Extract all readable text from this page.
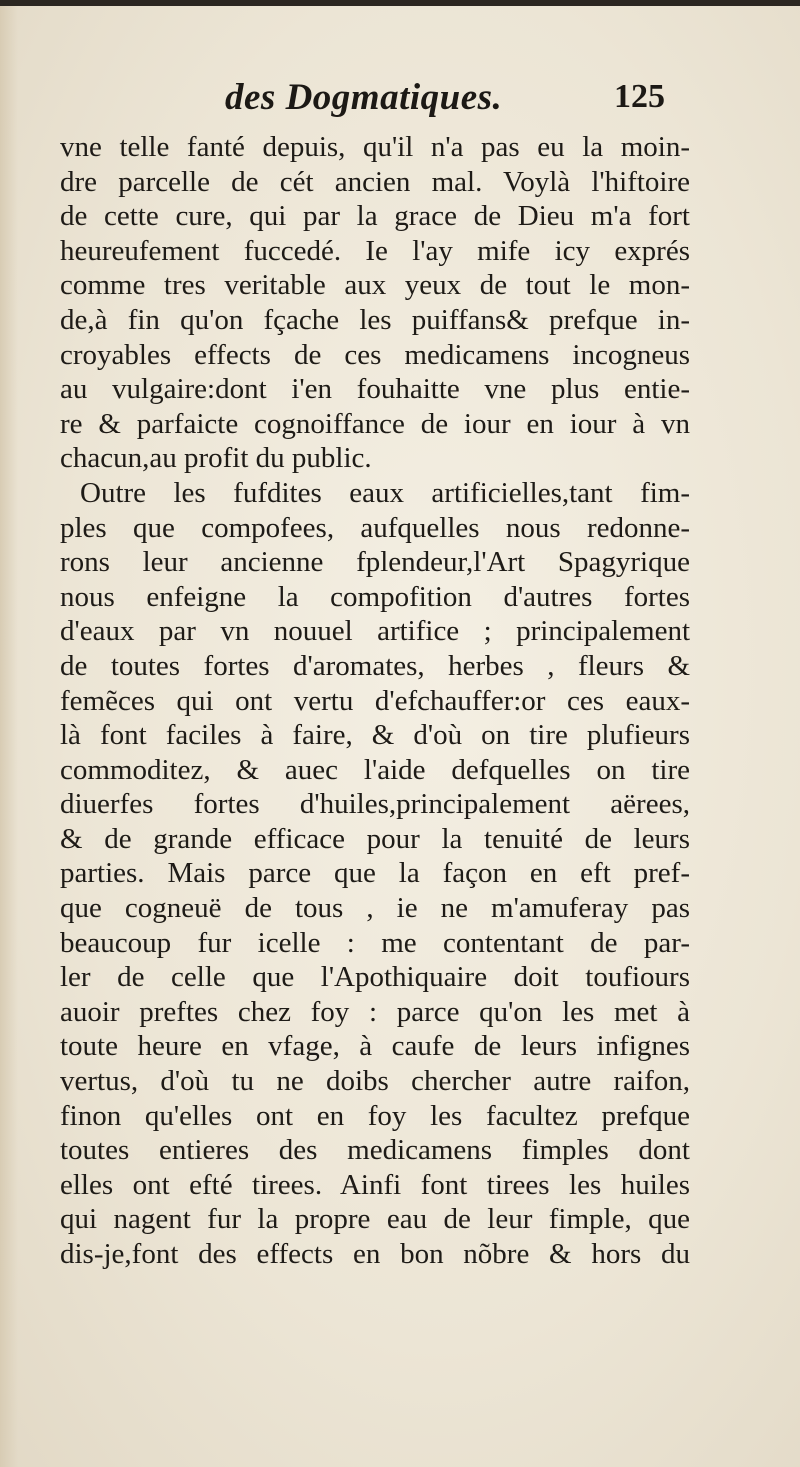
des Dogmatiques.	125
vne telle fanté depuis, qu'il n'a pas eu la moin-
dre parcelle de cét ancien mal. Voylà l'hiftoire
de cette cure, qui par la grace de Dieu m'a fort
heureufement fuccedé. Ie l'ay mife icy exprés
comme tres veritable aux yeux de tout le mon-
de,à fin qu'on fçache les puiffans& prefque in-
croyables effects de ces medicamens incogneus
au vulgaire:dont i'en fouhaitte vne plus entie-
re & parfaicte cognoiffance de iour en iour à vn
chacun,au profit du public.
Outre les fufdites eaux artificielles,tant fim-
ples que compofees, aufquelles nous redonne-
rons leur ancienne fplendeur,l'Art Spagyrique
nous enfeigne la compofition d'autres fortes
d'eaux par vn nouuel artifice ; principalement
de toutes fortes d'aromates, herbes , fleurs &
femẽces qui ont vertu d'efchauffer:or ces eaux-
là font faciles à faire, & d'où on tire plufieurs
commoditez, & auec l'aide defquelles on tire
diuerfes fortes d'huiles,principalement aërees,
& de grande efficace pour la tenuité de leurs
parties. Mais parce que la façon en eft pref-
que cogneuë de tous , ie ne m'amuferay pas
beaucoup fur icelle : me contentant de par-
ler de celle que l'Apothiquaire doit toufiours
auoir preftes chez foy : parce qu'on les met à
toute heure en vfage, à caufe de leurs infignes
vertus, d'où tu ne doibs chercher autre raifon,
finon qu'elles ont en foy les facultez prefque
toutes entieres des medicamens fimples dont
elles ont efté tirees. Ainfi font tirees les huiles
qui nagent fur la propre eau de leur fimple, que
dis-je,font des effects en bon nõbre & hors du
